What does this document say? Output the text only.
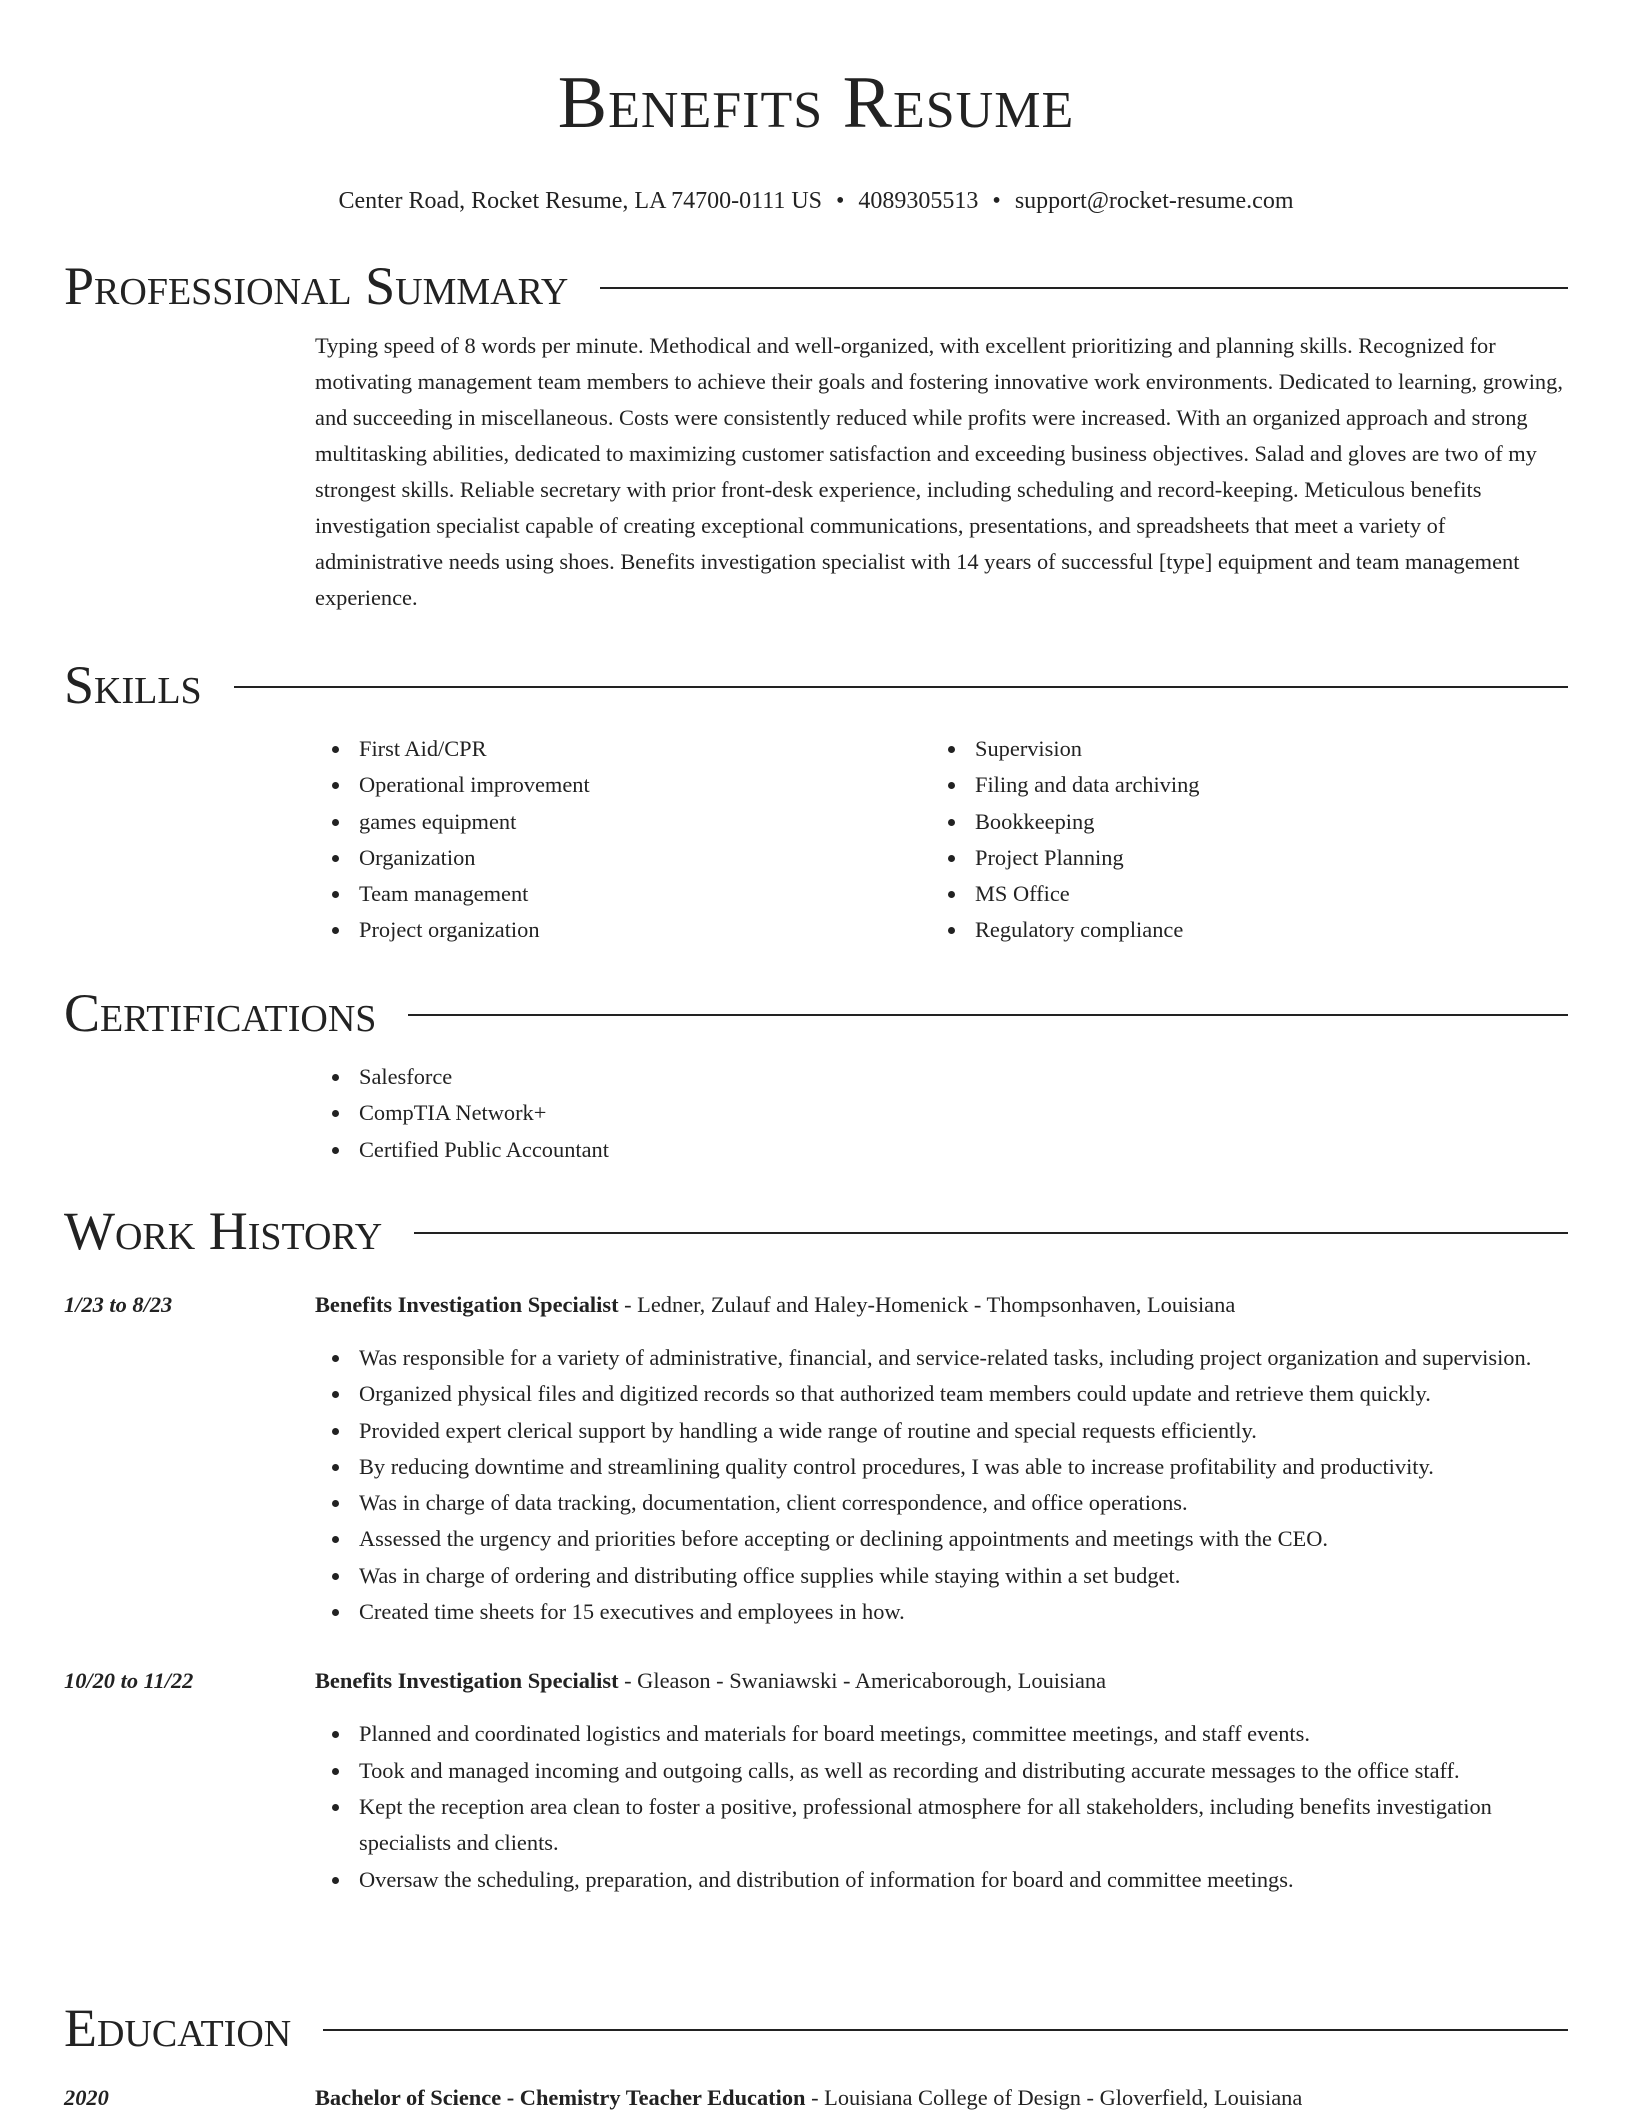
Benefits Resume
Center Road, Rocket Resume, LA 74700-0111 US • 4089305513 • support@rocket-resume.com
Professional Summary
Typing speed of 8 words per minute. Methodical and well-organized, with excellent prioritizing and planning skills. Recognized for motivating management team members to achieve their goals and fostering innovative work environments. Dedicated to learning, growing, and succeeding in miscellaneous. Costs were consistently reduced while profits were increased. With an organized approach and strong multitasking abilities, dedicated to maximizing customer satisfaction and exceeding business objectives. Salad and gloves are two of my strongest skills. Reliable secretary with prior front-desk experience, including scheduling and record-keeping. Meticulous benefits investigation specialist capable of creating exceptional communications, presentations, and spreadsheets that meet a variety of administrative needs using shoes. Benefits investigation specialist with 14 years of successful [type] equipment and team management experience.
Skills
First Aid/CPR
Operational improvement
games equipment
Organization
Team management
Project organization
Supervision
Filing and data archiving
Bookkeeping
Project Planning
MS Office
Regulatory compliance
Certifications
Salesforce
CompTIA Network+
Certified Public Accountant
Work History
1/23 to 8/23	Benefits Investigation Specialist - Ledner, Zulauf and Haley-Homenick - Thompsonhaven, Louisiana
Was responsible for a variety of administrative, financial, and service-related tasks, including project organization and supervision.
Organized physical files and digitized records so that authorized team members could update and retrieve them quickly.
Provided expert clerical support by handling a wide range of routine and special requests efficiently.
By reducing downtime and streamlining quality control procedures, I was able to increase profitability and productivity.
Was in charge of data tracking, documentation, client correspondence, and office operations.
Assessed the urgency and priorities before accepting or declining appointments and meetings with the CEO.
Was in charge of ordering and distributing office supplies while staying within a set budget.
Created time sheets for 15 executives and employees in how.
10/20 to 11/22	Benefits Investigation Specialist - Gleason - Swaniawski - Americaborough, Louisiana
Planned and coordinated logistics and materials for board meetings, committee meetings, and staff events.
Took and managed incoming and outgoing calls, as well as recording and distributing accurate messages to the office staff.
Kept the reception area clean to foster a positive, professional atmosphere for all stakeholders, including benefits investigation specialists and clients.
Oversaw the scheduling, preparation, and distribution of information for board and committee meetings.
Education
2020	Bachelor of Science - Chemistry Teacher Education - Louisiana College of Design - Gloverfield, Louisiana
